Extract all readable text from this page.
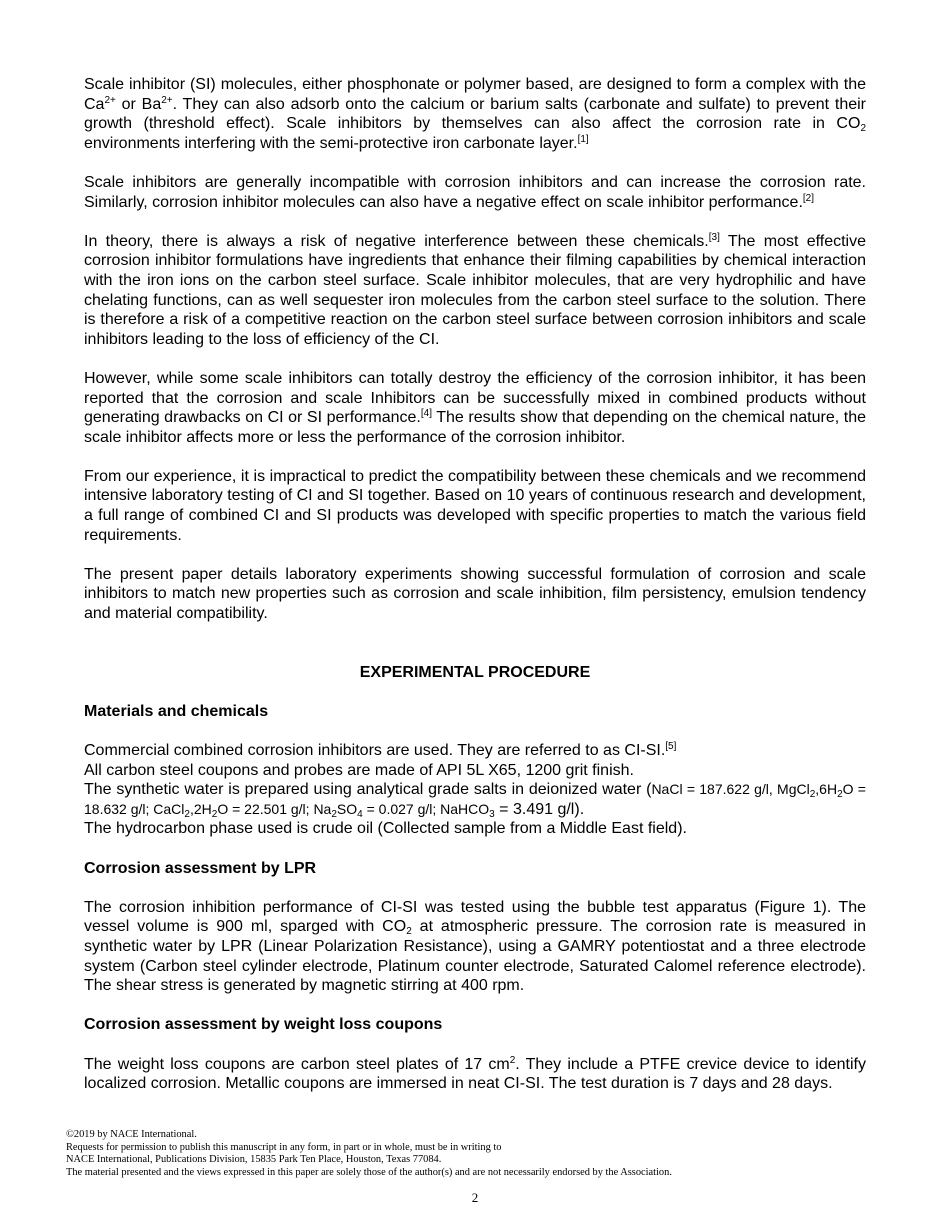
Scale inhibitor (SI) molecules, either phosphonate or polymer based, are designed to form a complex with the $Ca^{2+}$ or $Ba^{2+}$. They can also adsorb onto the calcium or barium salts (carbonate and sulfate) to prevent their growth (threshold effect). Scale inhibitors by themselves can also affect the corrosion rate in $CO_2$ environments interfering with the semi-protective iron carbonate layer.[1]
Scale inhibitors are generally incompatible with corrosion inhibitors and can increase the corrosion rate. Similarly, corrosion inhibitor molecules can also have a negative effect on scale inhibitor performance.[2]
In theory, there is always a risk of negative interference between these chemicals.[3] The most effective corrosion inhibitor formulations have ingredients that enhance their filming capabilities by chemical interaction with the iron ions on the carbon steel surface. Scale inhibitor molecules, that are very hydrophilic and have chelating functions, can as well sequester iron molecules from the carbon steel surface to the solution. There is therefore a risk of a competitive reaction on the carbon steel surface between corrosion inhibitors and scale inhibitors leading to the loss of efficiency of the CI.
However, while some scale inhibitors can totally destroy the efficiency of the corrosion inhibitor, it has been reported that the corrosion and scale Inhibitors can be successfully mixed in combined products without generating drawbacks on CI or SI performance.[4] The results show that depending on the chemical nature, the scale inhibitor affects more or less the performance of the corrosion inhibitor.
From our experience, it is impractical to predict the compatibility between these chemicals and we recommend intensive laboratory testing of CI and SI together. Based on 10 years of continuous research and development, a full range of combined CI and SI products was developed with specific properties to match the various field requirements.
The present paper details laboratory experiments showing successful formulation of corrosion and scale inhibitors to match new properties such as corrosion and scale inhibition, film persistency, emulsion tendency and material compatibility.
EXPERIMENTAL PROCEDURE
Materials and chemicals
Commercial combined corrosion inhibitors are used. They are referred to as CI-SI.[5]
All carbon steel coupons and probes are made of API 5L X65, 1200 grit finish.
The synthetic water is prepared using analytical grade salts in deionized water (NaCl = 187.622 g/l, $MgCl_2,6H_2O = 18.632$ g/l; $CaCl_2,2H_2O = 22.501$ g/l; $Na_2SO_4 = 0.027$ g/l; NaHCO$_3$ = 3.491 g/l).
The hydrocarbon phase used is crude oil (Collected sample from a Middle East field).
Corrosion assessment by LPR
The corrosion inhibition performance of CI-SI was tested using the bubble test apparatus (Figure 1). The vessel volume is 900 ml, sparged with $CO_2$ at atmospheric pressure. The corrosion rate is measured in synthetic water by LPR (Linear Polarization Resistance), using a GAMRY potentiostat and a three electrode system (Carbon steel cylinder electrode, Platinum counter electrode, Saturated Calomel reference electrode). The shear stress is generated by magnetic stirring at 400 rpm.
Corrosion assessment by weight loss coupons
The weight loss coupons are carbon steel plates of 17 $cm^2$. They include a PTFE crevice device to identify localized corrosion. Metallic coupons are immersed in neat CI-SI. The test duration is 7 days and 28 days.
©2019 by NACE International.
Requests for permission to publish this manuscript in any form, in part or in whole, must be in writing to
NACE International, Publications Division, 15835 Park Ten Place, Houston, Texas 77084.
The material presented and the views expressed in this paper are solely those of the author(s) and are not necessarily endorsed by the Association.
2
